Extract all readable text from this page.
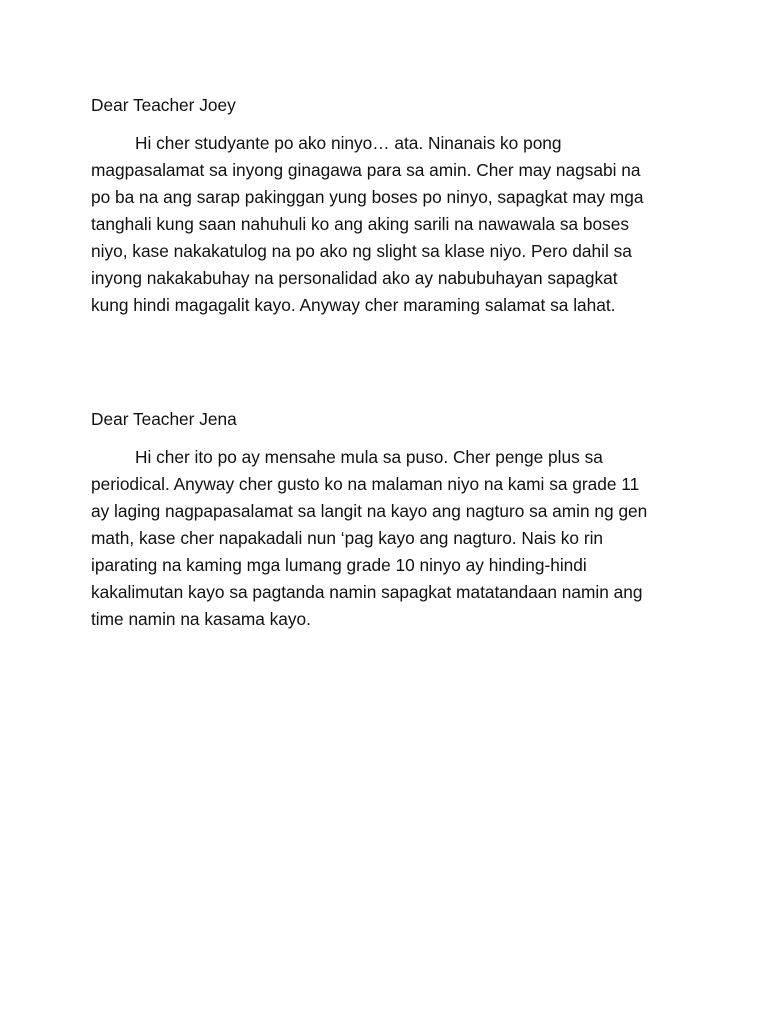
Dear Teacher Joey
Hi cher studyante po ako ninyo… ata. Ninanais ko pong
magpasalamat sa inyong ginagawa para sa amin. Cher may nagsabi na
po ba na ang sarap pakinggan yung boses po ninyo, sapagkat may mga
tanghali kung saan nahuhuli ko ang aking sarili na nawawala sa boses
niyo, kase nakakatulog na po ako ng slight sa klase niyo. Pero dahil sa
inyong nakakabuhay na personalidad ako ay nabubuhayan sapagkat
kung hindi magagalit kayo. Anyway cher maraming salamat sa lahat.
Dear Teacher Jena
Hi cher ito po ay mensahe mula sa puso. Cher penge plus sa
periodical. Anyway cher gusto ko na malaman niyo na kami sa grade 11
ay laging nagpapasalamat sa langit na kayo ang nagturo sa amin ng gen
math, kase cher napakadali nun ‘pag kayo ang nagturo. Nais ko rin
iparating na kaming mga lumang grade 10 ninyo ay hinding-hindi
kakalimutan kayo sa pagtanda namin sapagkat matatandaan namin ang
time namin na kasama kayo.
